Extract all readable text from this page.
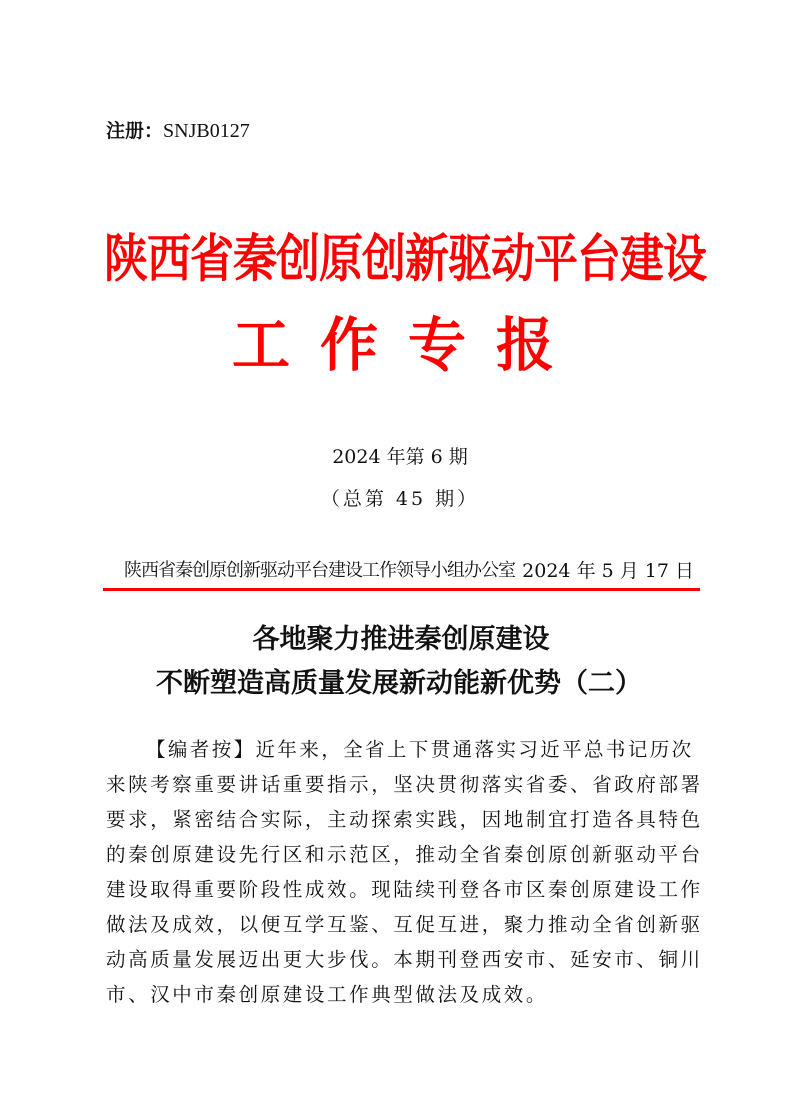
注册：SNJB0127
陕西省秦创原创新驱动平台建设
工作专报
2024 年第 6 期
（总第 45 期）
陕西省秦创原创新驱动平台建设工作领导小组办公室 2024 年 5 月 17 日
各地聚力推进秦创原建设
不断塑造高质量发展新动能新优势（二）
【编者按】近年来，全省上下贯通落实习近平总书记历次
来陕考察重要讲话重要指示，坚决贯彻落实省委、省政府部署
要求，紧密结合实际，主动探索实践，因地制宜打造各具特色
的秦创原建设先行区和示范区，推动全省秦创原创新驱动平台
建设取得重要阶段性成效。现陆续刊登各市区秦创原建设工作
做法及成效，以便互学互鉴、互促互进，聚力推动全省创新驱
动高质量发展迈出更大步伐。本期刊登西安市、延安市、铜川
市、汉中市秦创原建设工作典型做法及成效。
